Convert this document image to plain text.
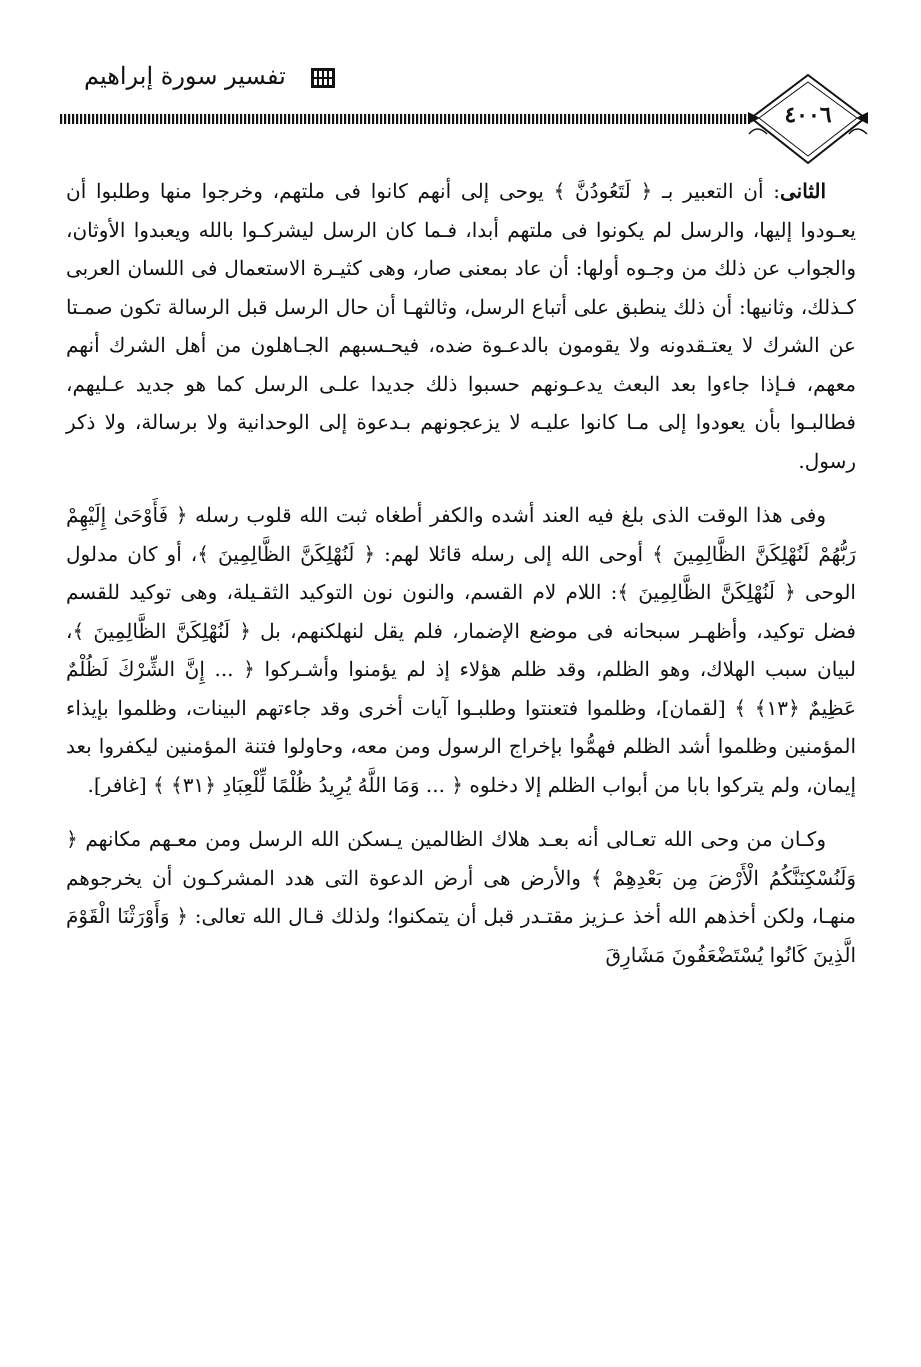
تفسير سورة إبراهيم
٤٠٠٦

الثانى: أن التعبير بـ ﴿ لَتَعُودُنَّ ﴾ يوحى إلى أنهم كانوا فى ملتهم، وخرجوا منها وطلبوا أن يعـودوا إليها، والرسل لم يكونوا فى ملتهم أبدا، فـما كان الرسل ليشركـوا بالله ويعبدوا الأوثان، والجواب عن ذلك من وجـوه أولها: أن عاد بمعنى صار، وهى كثيـرة الاستعمال فى اللسان العربى كـذلك، وثانيها: أن ذلك ينطبق على أتباع الرسل، وثالثهـا أن حال الرسل قبل الرسالة تكون صمـتا عن الشرك لا يعتـقدونه ولا يقومون بالدعـوة ضده، فيحـسبهم الجـاهلون من أهل الشرك أنهم معهم، فـإذا جاءوا بعد البعث يدعـونهم حسبوا ذلك جديدا علـى الرسل كما هو جديد عـليهم، فطالبـوا بأن يعودوا إلى مـا كانوا عليـه لا يزعجونهم بـدعوة إلى الوحدانية ولا برسالة، ولا ذكر رسول.

وفى هذا الوقت الذى بلغ فيه العند أشده والكفر أطغاه ثبت الله قلوب رسله ﴿ فَأَوْحَىٰ إِلَيْهِمْ رَبُّهُمْ لَنُهْلِكَنَّ الظَّالِمِينَ ﴾ أوحى الله إلى رسله قائلا لهم: ﴿ لَنُهْلِكَنَّ الظَّالِمِينَ ﴾، أو كان مدلول الوحى ﴿ لَنُهْلِكَنَّ الظَّالِمِينَ ﴾: اللام لام القسم، والنون نون التوكيد الثقـيلة، وهى توكيد للقسم فضل توكيد، وأظهـر سبحانه فى موضع الإضمار، فلم يقل لنهلكنهم، بل ﴿ لَنُهْلِكَنَّ الظَّالِمِينَ ﴾، لبيان سبب الهلاك، وهو الظلم، وقد ظلم هؤلاء إذ لم يؤمنوا وأشـركوا ﴿ ... إِنَّ الشِّرْكَ لَظُلْمٌ عَظِيمٌ ﴿١٣﴾ ﴾ [لقمان]، وظلموا فتعنتوا وطلبـوا آيات أخرى وقد جاءتهم البينات، وظلموا بإيذاء المؤمنين وظلموا أشد الظلم فهمُّوا بإخراج الرسول ومن معه، وحاولوا فتنة المؤمنين ليكفروا بعد إيمان، ولم يتركوا بابا من أبواب الظلم إلا دخلوه ﴿ ... وَمَا اللَّهُ يُرِيدُ ظُلْمًا لِّلْعِبَادِ ﴿٣١﴾ ﴾ [غافر].

وكـان من وحى الله تعـالى أنه بعـد هلاك الظالمين يـسكن الله الرسل ومن معـهم مكانهم ﴿ وَلَنُسْكِنَنَّكُمُ الْأَرْضَ مِن بَعْدِهِمْ ﴾ والأرض هى أرض الدعوة التى هدد المشركـون أن يخرجوهم منهـا، ولكن أخذهم الله أخذ عـزيز مقتـدر قبل أن يتمكنوا؛ ولذلك قـال الله تعالى: ﴿ وَأَوْرَثْنَا الْقَوْمَ الَّذِينَ كَانُوا يُسْتَضْعَفُونَ مَشَارِقَ
